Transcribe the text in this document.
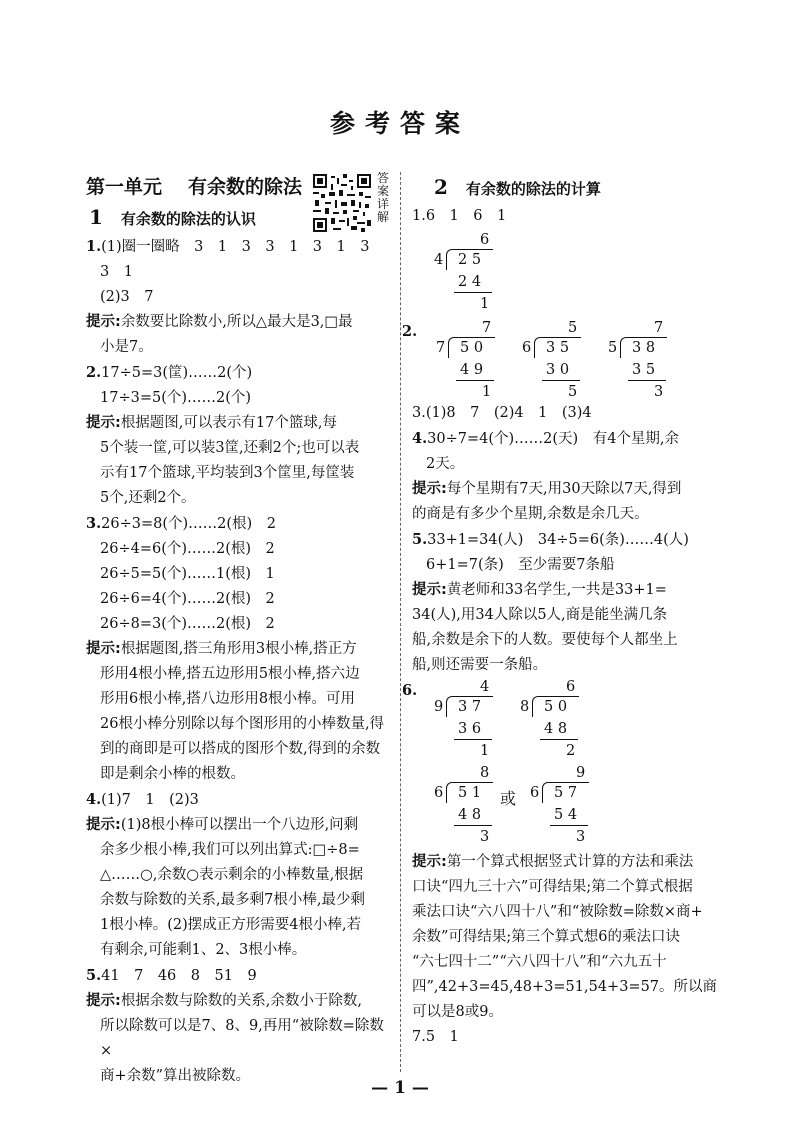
参考答案
答案详解
第一单元 有余数的除法
1 有余数的除法的认识
1.(1)圈一圈略　3　1　3　3　1　3　1　3
3　1
(2)3　7
提示:余数要比除数小,所以△最大是3,□最
小是7。
2.17÷5=3(筐)……2(个)
17÷3=5(个)……2(个)
提示:根据题图,可以表示有17个篮球,每
5个装一筐,可以装3筐,还剩2个;也可以表
示有17个篮球,平均装到3个筐里,每筐装
5个,还剩2个。
3.26÷3=8(个)……2(根)　2
26÷4=6(个)……2(根)　2
26÷5=5(个)……1(根)　1
26÷6=4(个)……2(根)　2
26÷8=3(个)……2(根)　2
提示:根据题图,搭三角形用3根小棒,搭正方
形用4根小棒,搭五边形用5根小棒,搭六边
形用6根小棒,搭八边形用8根小棒。可用
26根小棒分别除以每个图形用的小棒数量,得
到的商即是可以搭成的图形个数,得到的余数
即是剩余小棒的根数。
4.(1)7　1　(2)3
提示:(1)8根小棒可以摆出一个八边形,问剩
余多少根小棒,我们可以列出算式:□÷8=
△……○,余数○表示剩余的小棒数量,根据
余数与除数的关系,最多剩7根小棒,最少剩
1根小棒。(2)摆成正方形需要4根小棒,若
有剩余,可能剩1、2、3根小棒。
5.41　7　46　8　51　9
提示:根据余数与除数的关系,余数小于除数,
所以除数可以是7、8、9,再用“被除数=除数×
商+余数”算出被除数。
2 有余数的除法的计算
1.6　1　6　1
6
4 2 5
2 4
1
2.	7
7 5 0
4 9
1
5
6 3 5
3 0
5
7
5 3 8
3 5
3
3.(1)8　7　(2)4　1　(3)4
4.30÷7=4(个)……2(天)　有4个星期,余
2天。
提示:每个星期有7天,用30天除以7天,得到
的商是有多少个星期,余数是余几天。
5.33+1=34(人)　34÷5=6(条)……4(人)
6+1=7(条)　至少需要7条船
提示:黄老师和33名学生,一共是33+1=
34(人),用34人除以5人,商是能坐满几条
船,余数是余下的人数。要使每个人都坐上
船,则还需要一条船。
6.
或
4
9 3 7
3 6
1
6
8 5 0
4 8
2
8
6 5 1
4 8
3
9
6 5 7
5 4
3
提示:第一个算式根据竖式计算的方法和乘法
口诀“四九三十六”可得结果;第二个算式根据
乘法口诀“六八四十八”和“被除数=除数×商+
余数”可得结果;第三个算式想6的乘法口诀
“六七四十二”“六八四十八”和“六九五十
四”,42+3=45,48+3=51,54+3=57。所以商
可以是8或9。
7.5　1
— 1 —
